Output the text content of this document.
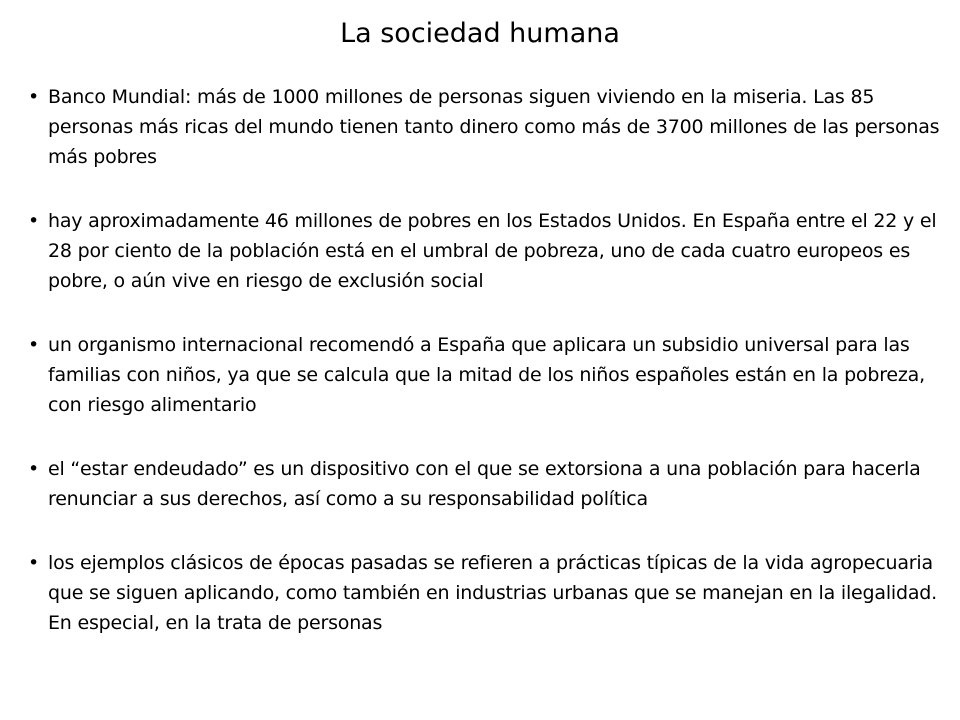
La sociedad humana
• Banco Mundial: más de 1000 millones de personas siguen viviendo en la miseria. Las 85 personas más ricas del mundo tienen tanto dinero como más de 3700 millones de las personas más pobres
• hay aproximadamente 46 millones de pobres en los Estados Unidos. En España entre el 22 y el 28 por ciento de la población está en el umbral de pobreza, uno de cada cuatro europeos es pobre, o aún vive en riesgo de exclusión social
• un organismo internacional recomendó a España que aplicara un subsidio universal para las familias con niños, ya que se calcula que la mitad de los niños españoles están en la pobreza, con riesgo alimentario
• el “estar endeudado” es un dispositivo con el que se extorsiona a una población para hacerla renunciar a sus derechos, así como a su responsabilidad política
• los ejemplos clásicos de épocas pasadas se refieren a prácticas típicas de la vida agropecuaria que se siguen aplicando, como también en industrias urbanas que se manejan en la ilegalidad. En especial, en la trata de personas
